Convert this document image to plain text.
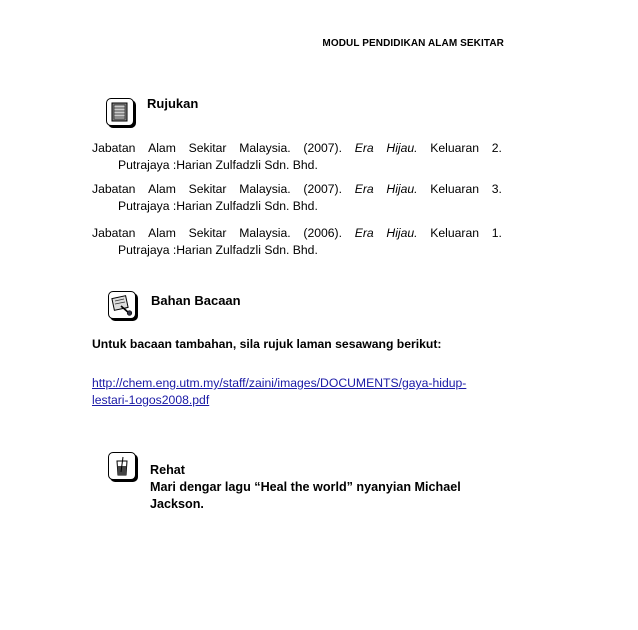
MODUL PENDIDIKAN ALAM SEKITAR
Rujukan
Jabatan Alam Sekitar Malaysia. (2007). Era Hijau. Keluaran 2.
Putrajaya :Harian Zulfadzli Sdn. Bhd.
Jabatan Alam Sekitar Malaysia. (2007). Era Hijau. Keluaran 3.
Putrajaya :Harian Zulfadzli Sdn. Bhd.
Jabatan Alam Sekitar Malaysia. (2006). Era Hijau. Keluaran 1.
Putrajaya :Harian Zulfadzli Sdn. Bhd.
Bahan Bacaan
Untuk bacaan tambahan, sila rujuk laman sesawang berikut:
http://chem.eng.utm.my/staff/zaini/images/DOCUMENTS/gaya-hidup-
lestari-1ogos2008.pdf
Rehat
Mari dengar lagu “Heal the world” nyanyian Michael
Jackson.
